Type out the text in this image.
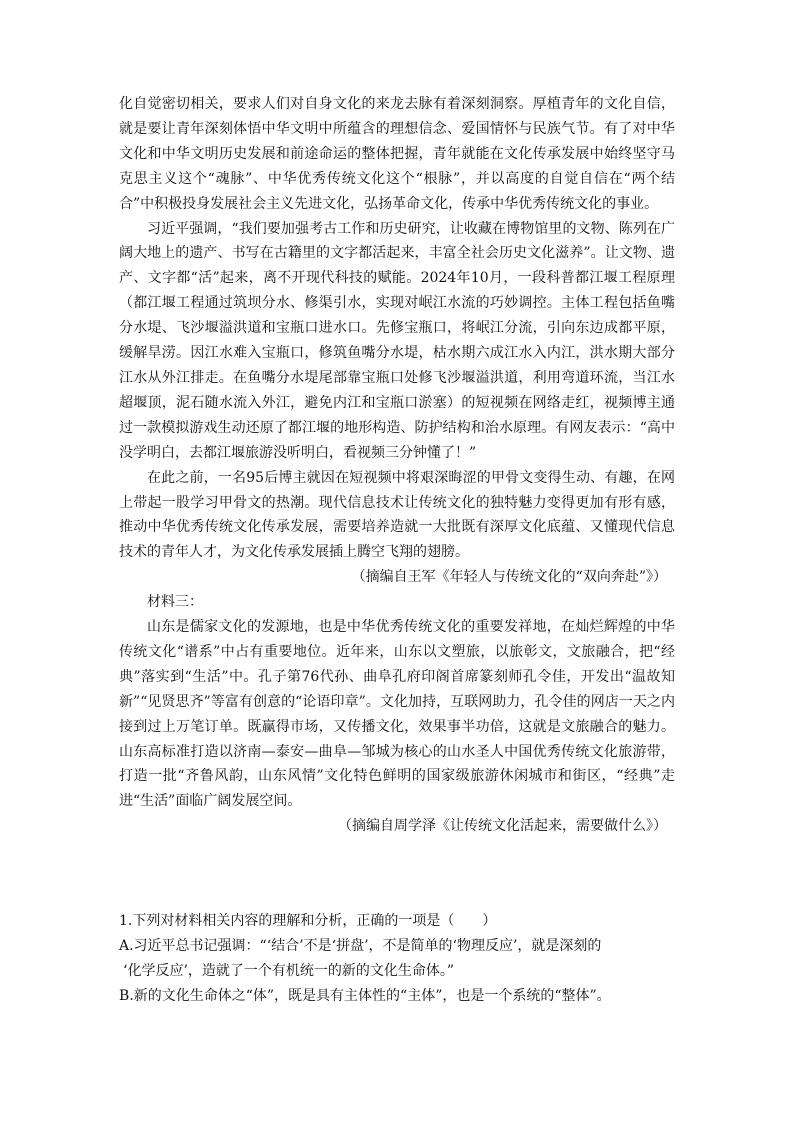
化自觉密切相关，要求人们对自身文化的来龙去脉有着深刻洞察。厚植青年的文化自信，就是要让青年深刻体悟中华文明中所蕴含的理想信念、爱国情怀与民族气节。有了对中华文化和中华文明历史发展和前途命运的整体把握，青年就能在文化传承发展中始终坚守马克思主义这个“魂脉”、中华优秀传统文化这个“根脉”，并以高度的自觉自信在“两个结合”中积极投身发展社会主义先进文化，弘扬革命文化，传承中华优秀传统文化的事业。

习近平强调，“我们要加强考古工作和历史研究，让收藏在博物馆里的文物、陈列在广阔大地上的遗产、书写在古籍里的文字都活起来，丰富全社会历史文化滋养”。让文物、遗产、文字都“活”起来，离不开现代科技的赋能。2024年10月，一段科普都江堰工程原理（都江堰工程通过筑坝分水、修渠引水，实现对岷江水流的巧妙调控。主体工程包括鱼嘴分水堤、飞沙堰溢洪道和宝瓶口进水口。先修宝瓶口，将岷江分流，引向东边成都平原，缓解旱涝。因江水难入宝瓶口，修筑鱼嘴分水堤，枯水期六成江水入内江，洪水期大部分江水从外江排走。在鱼嘴分水堤尾部靠宝瓶口处修飞沙堰溢洪道，利用弯道环流，当江水超堰顶，泥石随水流入外江，避免内江和宝瓶口淤塞）的短视频在网络走红，视频博主通过一款模拟游戏生动还原了都江堰的地形构造、防护结构和治水原理。有网友表示：“高中没学明白，去都江堰旅游没听明白，看视频三分钟懂了！”

在此之前，一名95后博主就因在短视频中将艰深晦涩的甲骨文变得生动、有趣，在网上带起一股学习甲骨文的热潮。现代信息技术让传统文化的独特魅力变得更加有形有感，推动中华优秀传统文化传承发展，需要培养造就一大批既有深厚文化底蕴、又懂现代信息技术的青年人才，为文化传承发展插上腾空飞翔的翅膀。

（摘编自王军《年轻人与传统文化的“双向奔赴”》）

材料三：

山东是儒家文化的发源地，也是中华优秀传统文化的重要发祥地，在灿烂辉煌的中华传统文化“谱系”中占有重要地位。近年来，山东以文塑旅，以旅彰文，文旅融合，把“经典”落实到“生活”中。孔子第76代孙、曲阜孔府印阁首席篆刻师孔令佳，开发出“温故知新”“见贤思齐”等富有创意的“论语印章”。文化加持，互联网助力，孔令佳的网店一天之内接到过上万笔订单。既赢得市场，又传播文化，效果事半功倍，这就是文旅融合的魅力。山东高标准打造以济南—泰安—曲阜—邹城为核心的山水圣人中国优秀传统文化旅游带，打造一批“齐鲁风韵，山东风情”文化特色鲜明的国家级旅游休闲城市和街区，“经典”走进“生活”面临广阔发展空间。

（摘编自周学泽《让传统文化活起来，需要做什么》）

1.下列对材料相关内容的理解和分析，正确的一项是（　　）

A.习近平总书记强调：“‘结合’不是‘拼盘’，不是简单的‘物理反应’，就是深刻的

‘化学反应’，造就了一个有机统一的新的文化生命体。”

B.新的文化生命体之“体”，既是具有主体性的“主体”，也是一个系统的“整体”。
